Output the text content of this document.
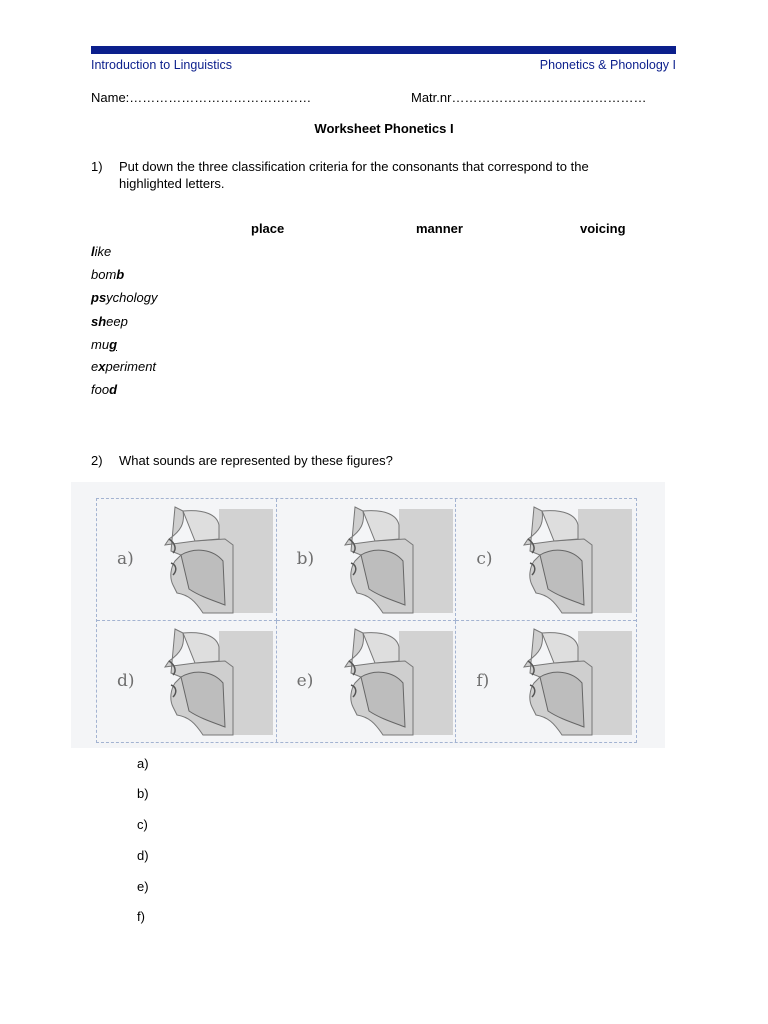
Introduction to Linguistics	Phonetics & Phonology I
Name:……………………………………	Matr.nr………………………………………
Worksheet Phonetics I
1) Put down the three classification criteria for the consonants that correspond to the highlighted letters.
place	manner	voicing
like
bomb
psychology
sheep
mug
experiment
food
2) What sounds are represented by these figures?
a)	b)	c)
d)	e)	f)
a)
b)
c)
d)
e)
f)
